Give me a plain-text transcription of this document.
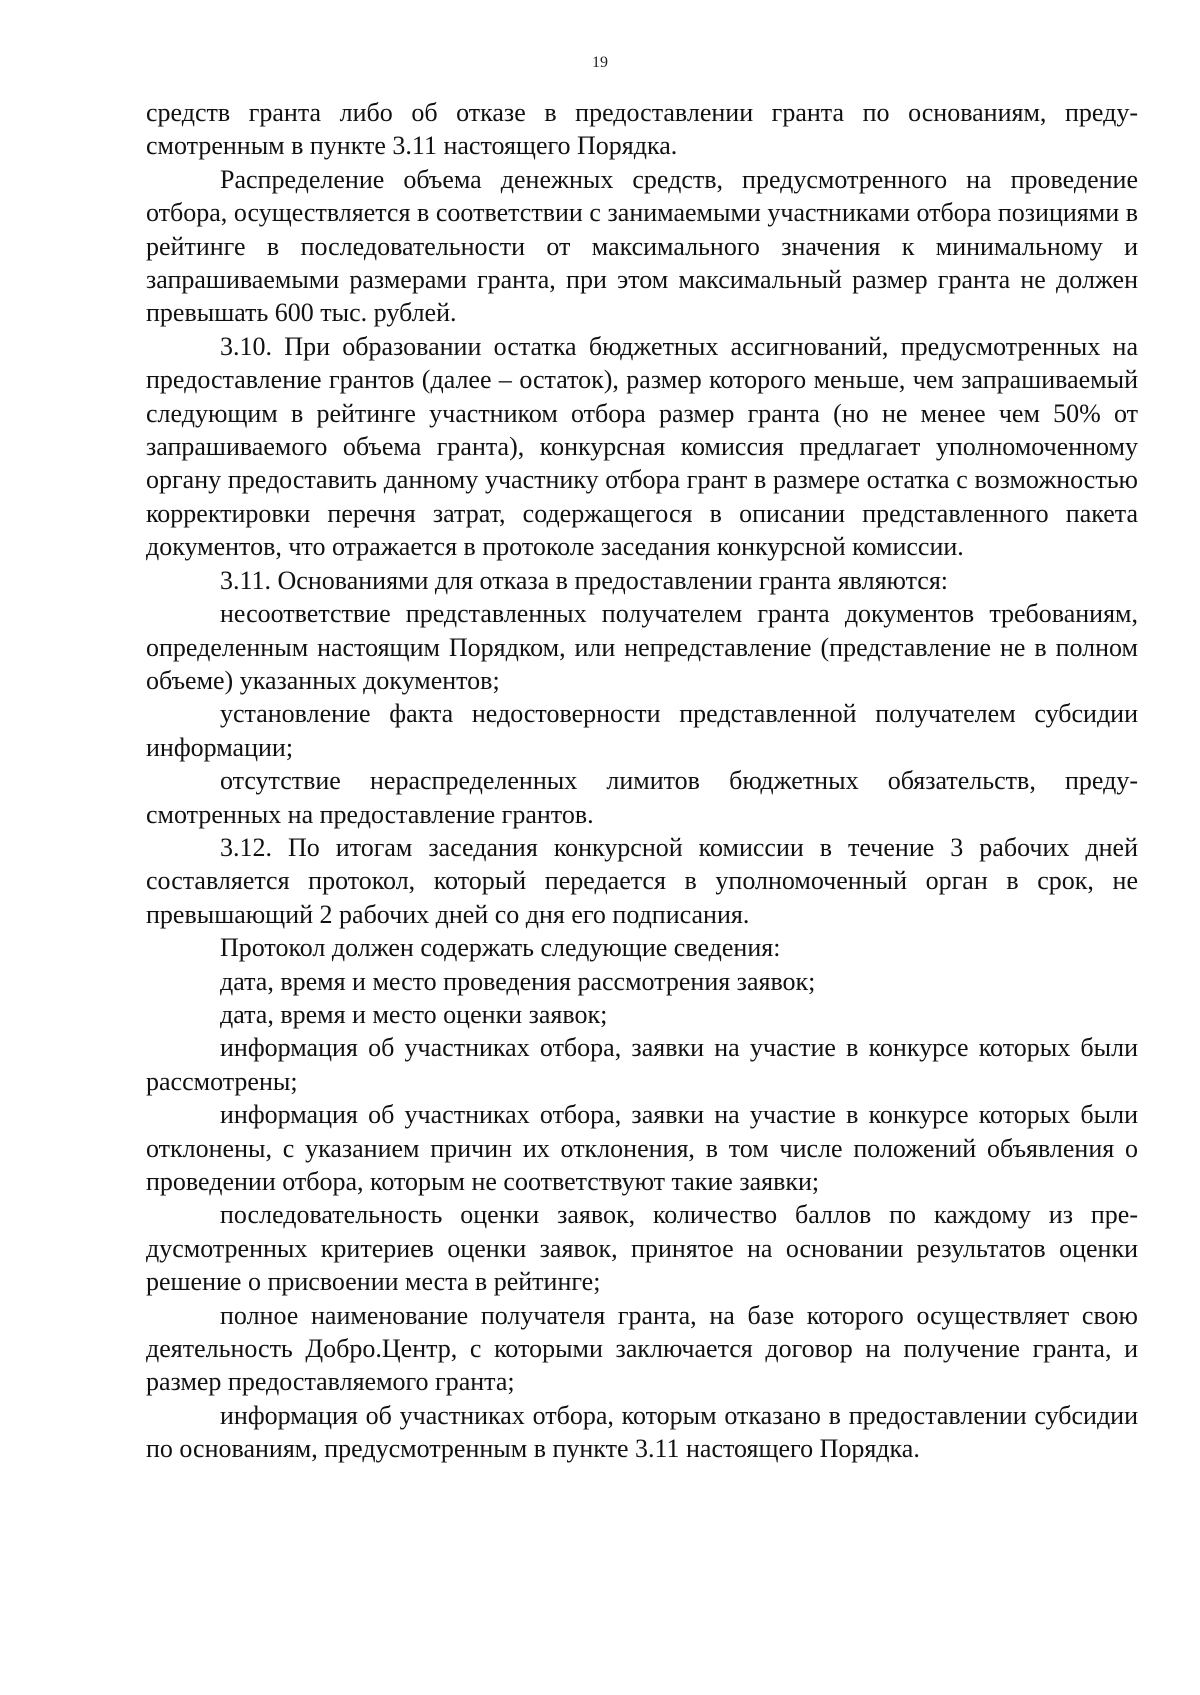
19

средств гранта либо об отказе в предоставлении гранта по основаниям, предусмотренным в пункте 3.11 настоящего Порядка.

Распределение объема денежных средств, предусмотренного на проведение отбора, осуществляется в соответствии с занимаемыми участниками отбора позициями в рейтинге в последовательности от максимального значения к минимальному и запрашиваемыми размерами гранта, при этом максимальный размер гранта не должен превышать 600 тыс. рублей.

3.10. При образовании остатка бюджетных ассигнований, предусмотренных на предоставление грантов (далее – остаток), размер которого меньше, чем запрашиваемый следующим в рейтинге участником отбора размер гранта (но не менее чем 50% от запрашиваемого объема гранта), конкурсная комиссия предлагает уполномоченному органу предоставить данному участнику отбора грант в размере остатка с возможностью корректировки перечня затрат, содержащегося в описании представленного пакета документов, что отражается в протоколе заседания конкурсной комиссии.

3.11. Основаниями для отказа в предоставлении гранта являются:

несоответствие представленных получателем гранта документов требованиям, определенным настоящим Порядком, или непредставление (представление не в полном объеме) указанных документов;

установление факта недостоверности представленной получателем субсидии информации;

отсутствие нераспределенных лимитов бюджетных обязательств, предусмотренных на предоставление грантов.

3.12. По итогам заседания конкурсной комиссии в течение 3 рабочих дней составляется протокол, который передается в уполномоченный орган в срок, не превышающий 2 рабочих дней со дня его подписания.

Протокол должен содержать следующие сведения:

дата, время и место проведения рассмотрения заявок;

дата, время и место оценки заявок;

информация об участниках отбора, заявки на участие в конкурсе которых были рассмотрены;

информация об участниках отбора, заявки на участие в конкурсе которых были отклонены, с указанием причин их отклонения, в том числе положений объявления о проведении отбора, которым не соответствуют такие заявки;

последовательность оценки заявок, количество баллов по каждому из предусмотренных критериев оценки заявок, принятое на основании результатов оценки решение о присвоении места в рейтинге;

полное наименование получателя гранта, на базе которого осуществляет свою деятельность Добро.Центр, с которыми заключается договор на получение гранта, и размер предоставляемого гранта;

информация об участниках отбора, которым отказано в предоставлении субсидии по основаниям, предусмотренным в пункте 3.11 настоящего Порядка.
